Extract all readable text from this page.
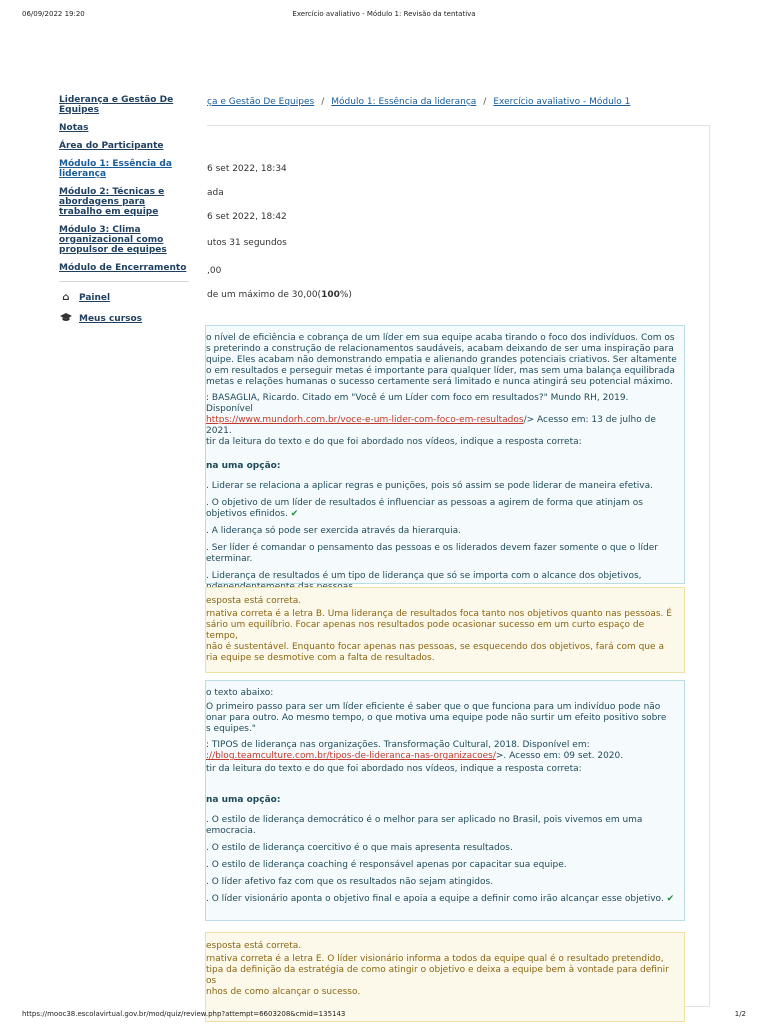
06/09/2022 19:20	Exercício avaliativo - Módulo 1: Revisão da tentativa
Liderança e Gestão De Equipes
Notas
Área do Participante
Módulo 1: Essência da liderança
Módulo 2: Técnicas e abordagens para trabalho em equipe
Módulo 3: Clima organizacional como propulsor de equipes
Módulo de Encerramento
⌂	Painel
Meus cursos
ça e Gestão De Equipes / Módulo 1: Essência da liderança / Exercício avaliativo - Módulo 1
6 set 2022, 18:34
ada
6 set 2022, 18:42
utos 31 segundos
,00
de um máximo de 30,00(100%)

o nível de eficiência e cobrança de um líder em sua equipe acaba tirando o foco dos indivíduos. Com os

s preterindo a construção de relacionamentos saudáveis, acabam deixando de ser uma inspiração para

quipe. Eles acabam não demonstrando empatia e alienando grandes potenciais criativos. Ser altamente

o em resultados e perseguir metas é importante para qualquer líder, mas sem uma balança equilibrada

metas e relações humanas o sucesso certamente será limitado e nunca atingirá seu potencial máximo.

: BASAGLIA, Ricardo. Citado em "Você é um Líder com foco em resultados?" Mundo RH, 2019. Disponível

https://www.mundorh.com.br/voce-e-um-lider-com-foco-em-resultados/> Acesso em: 13 de julho de 2021.

tir da leitura do texto e do que foi abordado nos vídeos, indique a resposta correta:

na uma opção:

. Liderar se relaciona a aplicar regras e punições, pois só assim se pode liderar de maneira efetiva.

. O objetivo de um líder de resultados é influenciar as pessoas a agirem de forma que atinjam os objetivos efinidos. ✔

. A liderança só pode ser exercida através da hierarquia.

. Ser líder é comandar o pensamento das pessoas e os liderados devem fazer somente o que o líder eterminar.

. Liderança de resultados é um tipo de liderança que só se importa com o alcance dos objetivos,

esposta está correta.

rnativa correta é a letra B. Uma liderança de resultados foca tanto nos objetivos quanto nas pessoas. É

sário um equilíbrio. Focar apenas nos resultados pode ocasionar sucesso em um curto espaço de tempo,

não é sustentável. Enquanto focar apenas nas pessoas, se esquecendo dos objetivos, fará com que a

ria equipe se desmotive com a falta de resultados.

o texto abaixo:

O primeiro passo para ser um líder eficiente é saber que o que funciona para um indivíduo pode não

onar para outro. Ao mesmo tempo, o que motiva uma equipe pode não surtir um efeito positivo sobre

s equipes."

: TIPOS de liderança nas organizações. Transformação Cultural, 2018. Disponível em:

://blog.teamculture.com.br/tipos-de-lideranca-nas-organizacoes/>. Acesso em: 09 set. 2020.

tir da leitura do texto e do que foi abordado nos vídeos, indique a resposta correta:

na uma opção:

. O estilo de liderança democrático é o melhor para ser aplicado no Brasil, pois vivemos em uma emocracia.

. O estilo de liderança coercitivo é o que mais apresenta resultados.

. O estilo de liderança coaching é responsável apenas por capacitar sua equipe.

. O líder afetivo faz com que os resultados não sejam atingidos.

. O líder visionário aponta o objetivo final e apoia a equipe a definir como irão alcançar esse objetivo. ✔

esposta está correta.

rnativa correta é a letra E. O líder visionário informa a todos da equipe qual é o resultado pretendido,

tipa da definição da estratégia de como atingir o objetivo e deixa a equipe bem à vontade para definir os

nhos de como alcançar o sucesso.

https://mooc38.escolavirtual.gov.br/mod/quiz/review.php?attempt=6603208&cmid=135143	1/2
